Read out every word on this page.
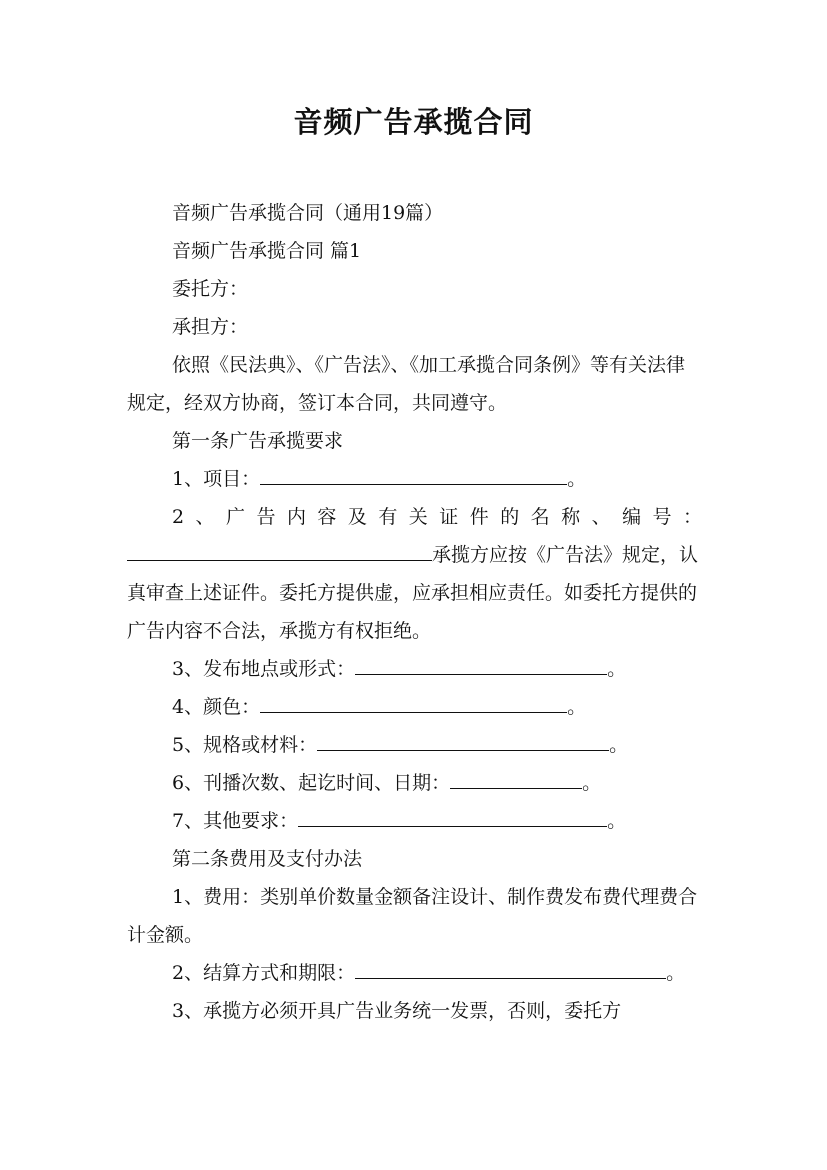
音频广告承揽合同

音频广告承揽合同（通用19篇）

音频广告承揽合同 篇1

委托方：

承担方：

依照《民法典》、《广告法》、《加工承揽合同条例》等有关法律规定，经双方协商，签订本合同，共同遵守。

第一条广告承揽要求

1、项目：	。

2、广告内容及有关证件的名称、编号：

承揽方应按《广告法》规定，认真审查上述证件。委托方提供虚，应承担相应责任。如委托方提供的广告内容不合法，承揽方有权拒绝。

3、发布地点或形式：	。

4、颜色：	。

5、规格或材料：	。

6、刊播次数、起讫时间、日期：	。

7、其他要求：	。

第二条费用及支付办法

1、费用：类别单价数量金额备注设计、制作费发布费代理费合计金额。

2、结算方式和期限：	。

3、承揽方必须开具广告业务统一发票，否则，委托方
